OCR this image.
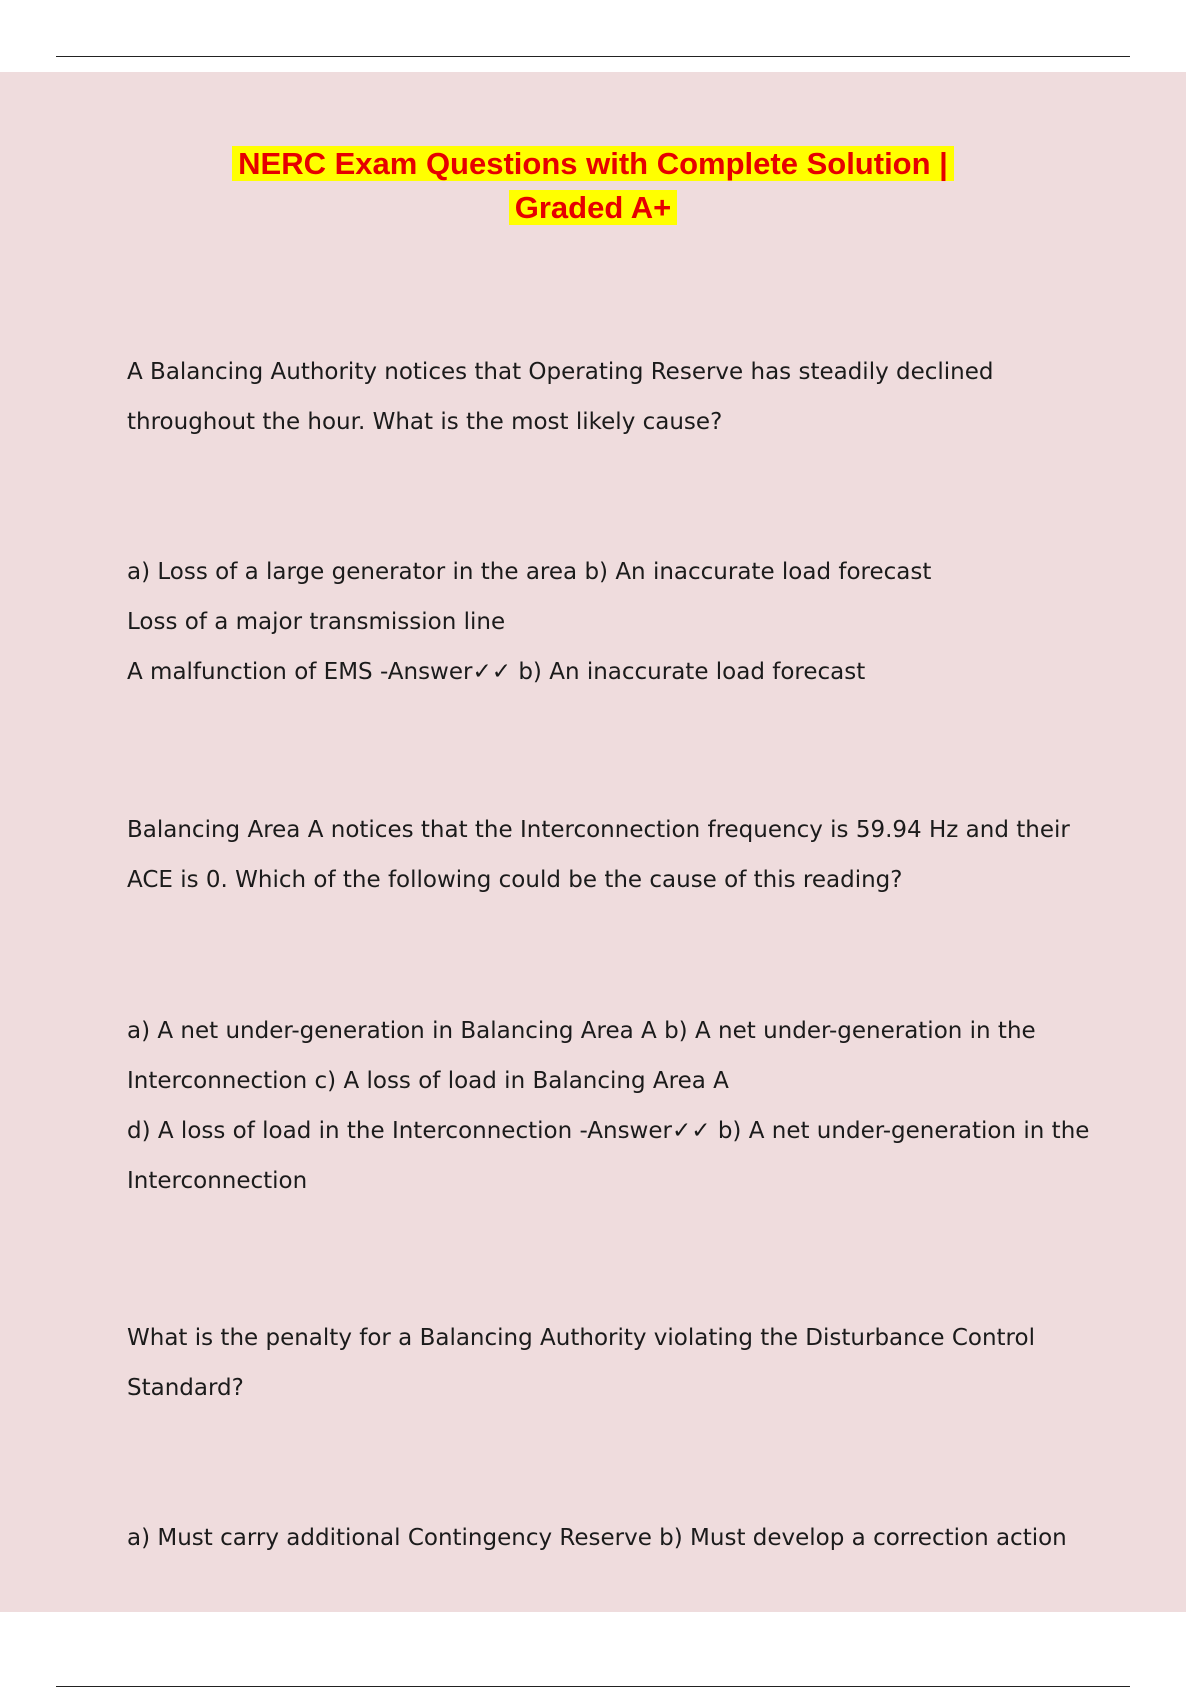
NERC Exam Questions with Complete Solution |
Graded A+
A Balancing Authority notices that Operating Reserve has steadily declined
throughout the hour. What is the most likely cause?
a) Loss of a large generator in the area b) An inaccurate load forecast
Loss of a major transmission line
A malfunction of EMS -Answer✓✓ b) An inaccurate load forecast
Balancing Area A notices that the Interconnection frequency is 59.94 Hz and their
ACE is 0. Which of the following could be the cause of this reading?
a) A net under-generation in Balancing Area A b) A net under-generation in the
Interconnection c) A loss of load in Balancing Area A
d) A loss of load in the Interconnection -Answer✓✓ b) A net under-generation in the
Interconnection
What is the penalty for a Balancing Authority violating the Disturbance Control
Standard?
a) Must carry additional Contingency Reserve b) Must develop a correction action
